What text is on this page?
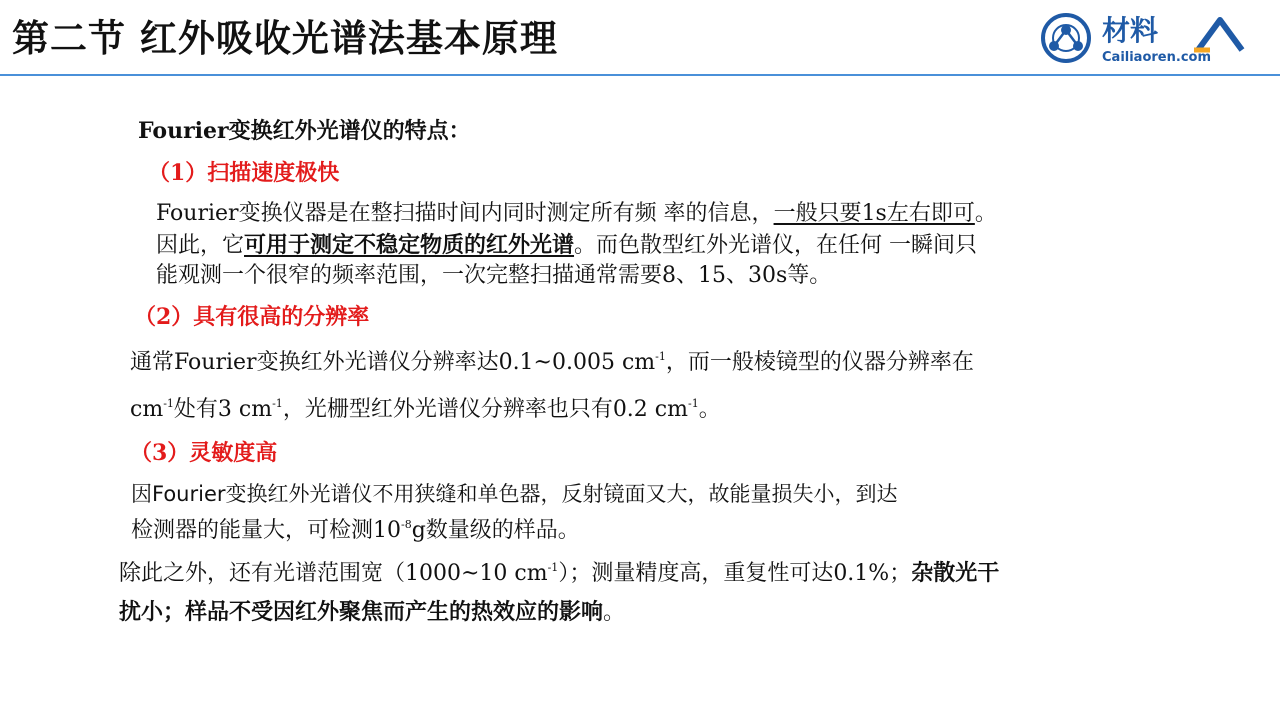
第二节 红外吸收光谱法基本原理	材料
Cailiaoren.com
Fourier变换红外光谱仪的特点：
（1）扫描速度极快
Fourier变换仪器是在整扫描时间内同时测定所有频 率的信息，一般只要1s左右即可。
因此，它可用于测定不稳定物质的红外光谱。而色散型红外光谱仪，在任何 一瞬间只
能观测一个很窄的频率范围，一次完整扫描通常需要8、15、30s等。
（2）具有很高的分辨率
通常Fourier变换红外光谱仪分辨率达0.1~0.005 $cm^{-1}$，而一般棱镜型的仪器分辨率在
$cm^{-1}$处有3 $cm^{-1}$，光栅型红外光谱仪分辨率也只有0.2 $cm^{-1}$。
（3）灵敏度高
因Fourier变换红外光谱仪不用狭缝和单色器，反射镜面又大，故能量损失小，到达
检测器的能量大，可检测$10^{-8}g$数量级的样品。
除此之外，还有光谱范围宽（1000~10 $cm^{-1}$）；测量精度高，重复性可达0.1%；杂散光干
扰小；样品不受因红外聚焦而产生的热效应的影响。
